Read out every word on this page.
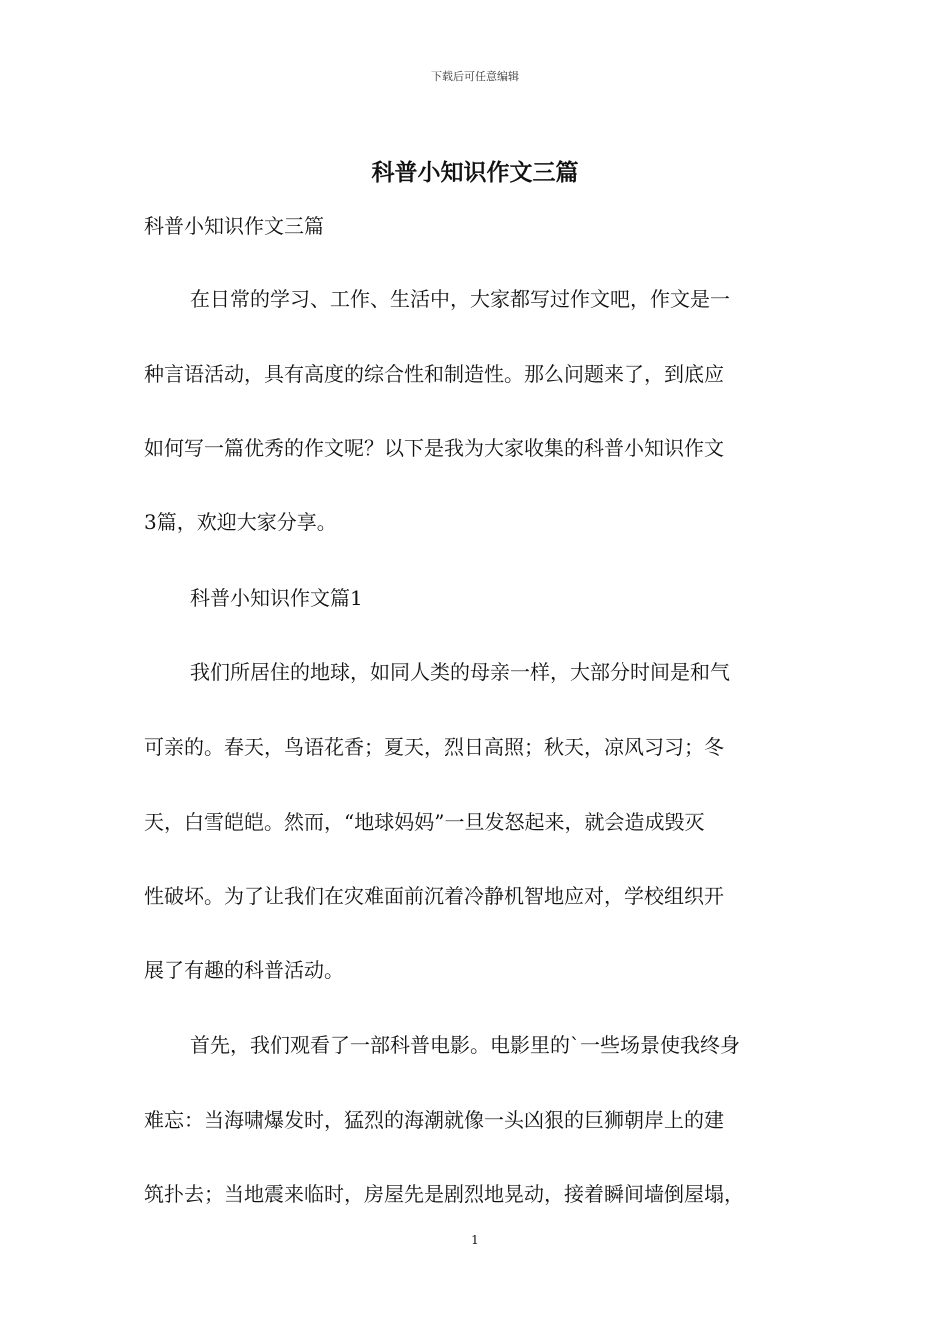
下载后可任意编辑
科普小知识作文三篇
科普小知识作文三篇
在日常的学习、工作、生活中，大家都写过作文吧，作文是一
种言语活动，具有高度的综合性和制造性。那么问题来了，到底应
如何写一篇优秀的作文呢？以下是我为大家收集的科普小知识作文
3篇，欢迎大家分享。
科普小知识作文篇1
我们所居住的地球，如同人类的母亲一样，大部分时间是和气
可亲的。春天，鸟语花香；夏天，烈日高照；秋天，凉风习习；冬
天，白雪皑皑。然而，“地球妈妈”一旦发怒起来，就会造成毁灭
性破坏。为了让我们在灾难面前沉着冷静机智地应对，学校组织开
展了有趣的科普活动。
首先，我们观看了一部科普电影。电影里的`一些场景使我终身
难忘：当海啸爆发时，猛烈的海潮就像一头凶狠的巨狮朝岸上的建
筑扑去；当地震来临时，房屋先是剧烈地晃动，接着瞬间墙倒屋塌，
1
